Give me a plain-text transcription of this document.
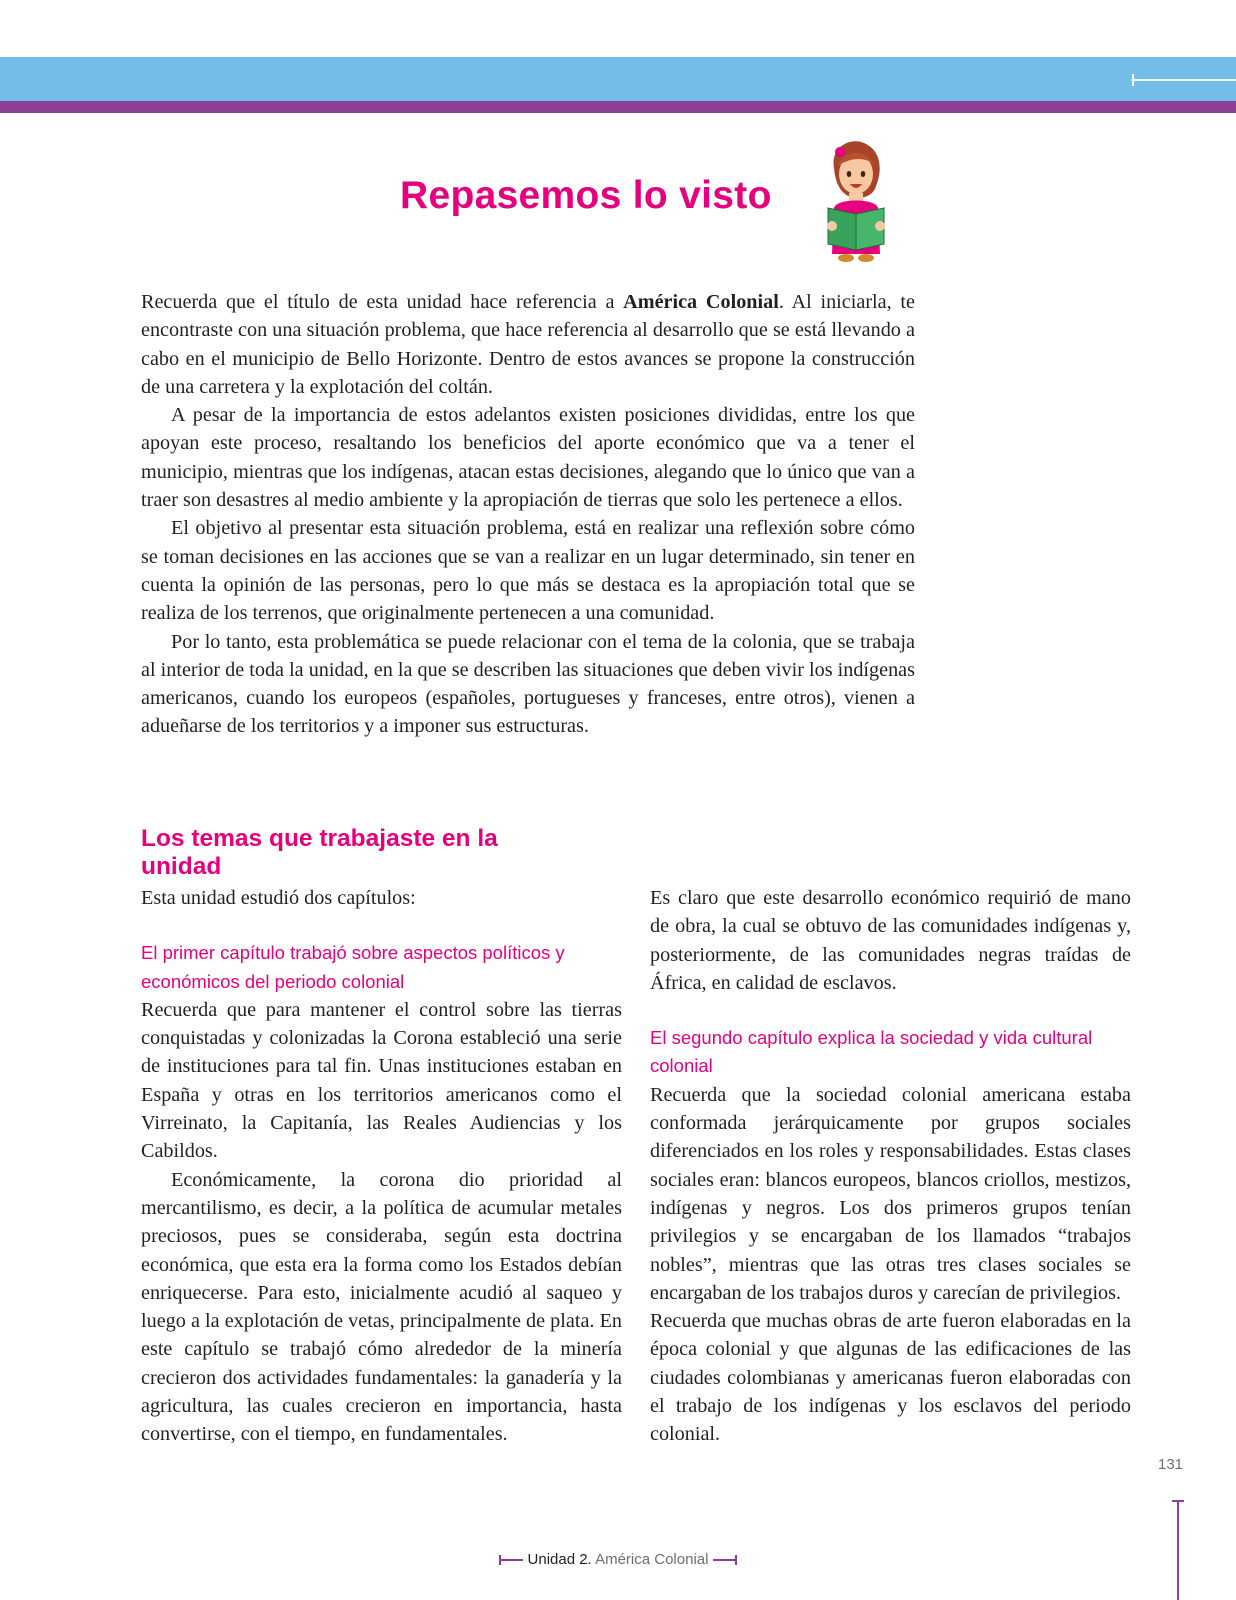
Repasemos lo visto

Recuerda que el título de esta unidad hace referencia a América Colonial. Al iniciarla, te encontraste con una situación problema, que hace referencia al desarrollo que se está llevando a cabo en el municipio de Bello Horizonte. Dentro de estos avances se propone la construcción de una carretera y la explotación del coltán.

A pesar de la importancia de estos adelantos existen posiciones divididas, entre los que apoyan este proceso, resaltando los beneficios del aporte económico que va a tener el municipio, mientras que los indígenas, atacan estas decisiones, alegando que lo único que van a traer son desastres al medio ambiente y la apropiación de tierras que solo les pertenece a ellos.

El objetivo al presentar esta situación problema, está en realizar una reflexión sobre cómo se toman decisiones en las acciones que se van a realizar en un lugar determinado, sin tener en cuenta la opinión de las personas, pero lo que más se destaca es la apropiación total que se realiza de los terrenos, que originalmente pertenecen a una comunidad.

Por lo tanto, esta problemática se puede relacionar con el tema de la colonia, que se trabaja al interior de toda la unidad, en la que se describen las situaciones que deben vivir los indígenas americanos, cuando los europeos (españoles, portugueses y franceses, entre otros), vienen a adueñarse de los territorios y a imponer sus estructuras.

Los temas que trabajaste en la unidad

Esta unidad estudió dos capítulos:

El primer capítulo trabajó sobre aspectos políticos y económicos del periodo colonial

Recuerda que para mantener el control sobre las tierras conquistadas y colonizadas la Corona estableció una serie de instituciones para tal fin. Unas instituciones estaban en España y otras en los territorios americanos como el Virreinato, la Capitanía, las Reales Audiencias y los Cabildos.

Económicamente, la corona dio prioridad al mercantilismo, es decir, a la política de acumular metales preciosos, pues se consideraba, según esta doctrina económica, que esta era la forma como los Estados debían enriquecerse. Para esto, inicialmente acudió al saqueo y luego a la explotación de vetas, principalmente de plata. En este capítulo se trabajó cómo alrededor de la minería crecieron dos actividades fundamentales: la ganadería y la agricultura, las cuales crecieron en importancia, hasta convertirse, con el tiempo, en fundamentales.

Es claro que este desarrollo económico requirió de mano de obra, la cual se obtuvo de las comunidades indígenas y, posteriormente, de las comunidades negras traídas de África, en calidad de esclavos.

El segundo capítulo explica la sociedad y vida cultural colonial

Recuerda que la sociedad colonial americana estaba conformada jerárquicamente por grupos sociales diferenciados en los roles y responsabilidades. Estas clases sociales eran: blancos europeos, blancos criollos, mestizos, indígenas y negros. Los dos primeros grupos tenían privilegios y se encargaban de los llamados “trabajos nobles”, mientras que las otras tres clases sociales se encargaban de los trabajos duros y carecían de privilegios.

Recuerda que muchas obras de arte fueron elaboradas en la época colonial y que algunas de las edificaciones de las ciudades colombianas y americanas fueron elaboradas con el trabajo de los indígenas y los esclavos del periodo colonial.

131
Unidad 2. América Colonial
